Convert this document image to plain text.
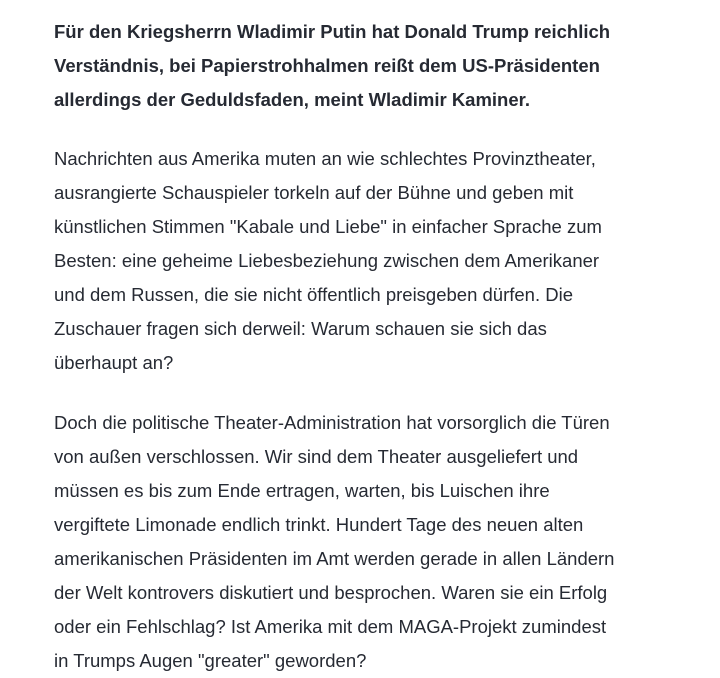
Für den Kriegsherrn Wladimir Putin hat Donald Trump reichlich
Verständnis, bei Papierstrohhalmen reißt dem US-Präsidenten
allerdings der Geduldsfaden, meint Wladimir Kaminer.

Nachrichten aus Amerika muten an wie schlechtes Provinztheater,
ausrangierte Schauspieler torkeln auf der Bühne und geben mit
künstlichen Stimmen "Kabale und Liebe" in einfacher Sprache zum
Besten: eine geheime Liebesbeziehung zwischen dem Amerikaner
und dem Russen, die sie nicht öffentlich preisgeben dürfen. Die
Zuschauer fragen sich derweil: Warum schauen sie sich das
überhaupt an?

Doch die politische Theater-Administration hat vorsorglich die Türen
von außen verschlossen. Wir sind dem Theater ausgeliefert und
müssen es bis zum Ende ertragen, warten, bis Luischen ihre
vergiftete Limonade endlich trinkt. Hundert Tage des neuen alten
amerikanischen Präsidenten im Amt werden gerade in allen Ländern
der Welt kontrovers diskutiert und besprochen. Waren sie ein Erfolg
oder ein Fehlschlag? Ist Amerika mit dem MAGA-Projekt zumindest
in Trumps Augen "greater" geworden?
